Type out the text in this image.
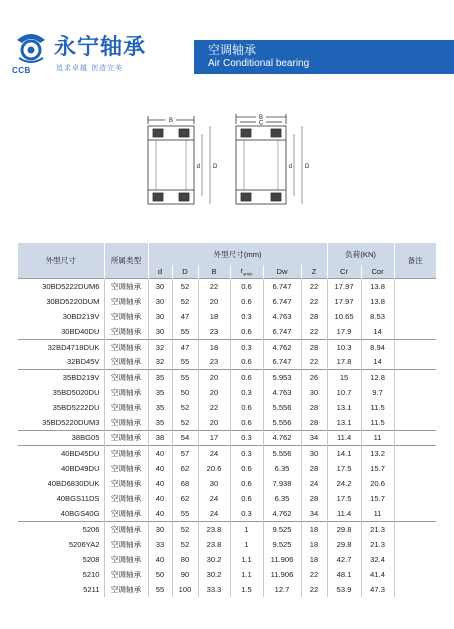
CCB
永宁轴承
追求卓越 创造完美
空调轴承
Air Conditional bearing
B
d D
B
C
d D
外型尺寸	所属类型	外型尺寸(mm)						负荷(KN)		备注
		d	D	B	$r_{smin}$	Dw	Z	Cr	Cor	
30BD5222DUM6	空调轴承	30	52	22	0.6	6.747	22	17.97	13.8	
30BD5220DUM	空调轴承	30	52	20	0.6	6.747	22	17.97	13.8	
30BD219V	空调轴承	30	47	18	0.3	4.763	28	10.65	8.53	
30BD40DU	空调轴承	30	55	23	0.6	6.747	22	17.9	14	
32BD4718DUK	空调轴承	32	47	18	0.3	4.762	28	10.3	8.94	
32BD45V	空调轴承	32	55	23	0.6	6.747	22	17.8	14	
35BD219V	空调轴承	35	55	20	0.6	5.953	26	15	12.8	
35BD5020DU	空调轴承	35	50	20	0.3	4.763	30	10.7	9.7	
35BD5222DU	空调轴承	35	52	22	0.6	5.556	28	13.1	11.5	
35BD5220DUM3	空调轴承	35	52	20	0.6	5.556	28	13.1	11.5	
38BG05	空调轴承	38	54	17	0.3	4.762	34	11.4	11	
40BD45DU	空调轴承	40	57	24	0.3	5.556	30	14.1	13.2	
40BD49DU	空调轴承	40	62	20.6	0.6	6.35	28	17.5	15.7	
40BD6830DUK	空调轴承	40	68	30	0.6	7.938	24	24.2	20.6	
40BGS11DS	空调轴承	40	62	24	0.6	6.35	28	17.5	15.7	
40BGS40G	空调轴承	40	55	24	0.3	4.762	34	11.4	11	
5206	空调轴承	30	52	23.8	1	9.525	18	29.8	21.3	
5206YA2	空调轴承	33	52	23.8	1	9.525	18	29.8	21.3	
5208	空调轴承	40	80	30.2	1.1	11.906	18	42.7	32.4	
5210	空调轴承	50	90	30.2	1.1	11.906	22	48.1	41.4	
5211	空调轴承	55	100	33.3	1.5	12.7	22	53.9	47.3	
